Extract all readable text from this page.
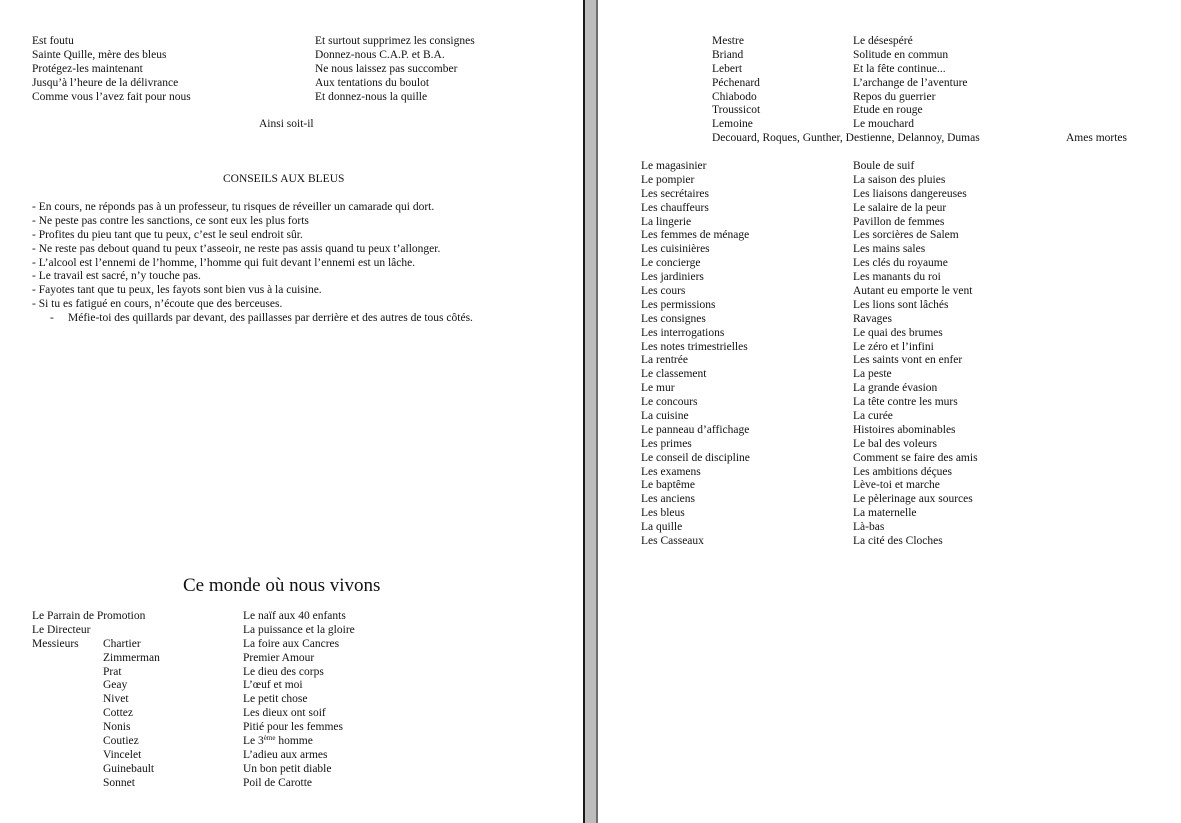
Est foutu
Sainte Quille, mère des bleus
Protégez-les maintenant
Jusqu’à l’heure de la délivrance
Comme vous l’avez fait pour nous
Et surtout supprimez les consignes
Donnez-nous C.A.P. et B.A.
Ne nous laissez pas succomber
Aux tentations du boulot
Et donnez-nous la quille
Ainsi soit-il
CONSEILS AUX BLEUS
- En cours, ne réponds pas à un professeur, tu risques de réveiller un camarade qui dort.
- Ne peste pas contre les sanctions, ce sont eux les plus forts
- Profites du pieu tant que tu peux, c’est le seul endroit sûr.
- Ne reste pas debout quand tu peux t’asseoir, ne reste pas assis quand tu peux t’allonger.
- L’alcool est l’ennemi de l’homme, l’homme qui fuit devant l’ennemi est un lâche.
- Le travail est sacré, n’y touche pas.
- Fayotes tant que tu peux, les fayots sont bien vus à la cuisine.
- Si tu es fatigué en cours, n’écoute que des berceuses.
- Méfie-toi des quillards par devant, des paillasses par derrière et des autres de tous côtés.
Ce monde où nous vivons
Le Parrain de Promotion
Le Directeur
Messieurs	Chartier
Zimmerman
Prat
Geay
Nivet
Cottez
Nonis
Coutiez
Vincelet
Guinebault
Sonnet
Le naïf aux 40 enfants
La puissance et la gloire
La foire aux Cancres
Premier Amour
Le dieu des corps
L’œuf et moi
Le petit chose
Les dieux ont soif
Pitié pour les femmes
Le 3ème homme
L’adieu aux armes
Un bon petit diable
Poil de Carotte
Mestre
Briand
Lebert
Péchenard
Chiabodo
Troussicot
Lemoine
Decouard, Roques, Gunther, Destienne, Delannoy, Dumas
Le désespéré
Solitude en commun
Et la fête continue...
L’archange de l’aventure
Repos du guerrier
Etude en rouge
Le mouchard
Ames mortes
Le magasinier
Le pompier
Les secrétaires
Les chauffeurs
La lingerie
Les femmes de ménage
Les cuisinières
Le concierge
Les jardiniers
Les cours
Les permissions
Les consignes
Les interrogations
Les notes trimestrielles
La rentrée
Le classement
Le mur
Le concours
La cuisine
Le panneau d’affichage
Les primes
Le conseil de discipline
Les examens
Le baptême
Les anciens
Les bleus
La quille
Les Casseaux
Boule de suif
La saison des pluies
Les liaisons dangereuses
Le salaire de la peur
Pavillon de femmes
Les sorcières de Salem
Les mains sales
Les clés du royaume
Les manants du roi
Autant eu emporte le vent
Les lions sont lâchés
Ravages
Le quai des brumes
Le zéro et l’infini
Les saints vont en enfer
La peste
La grande évasion
La tête contre les murs
La curée
Histoires abominables
Le bal des voleurs
Comment se faire des amis
Les ambitions déçues
Lève-toi et marche
Le pèlerinage aux sources
La maternelle
Là-bas
La cité des Cloches
